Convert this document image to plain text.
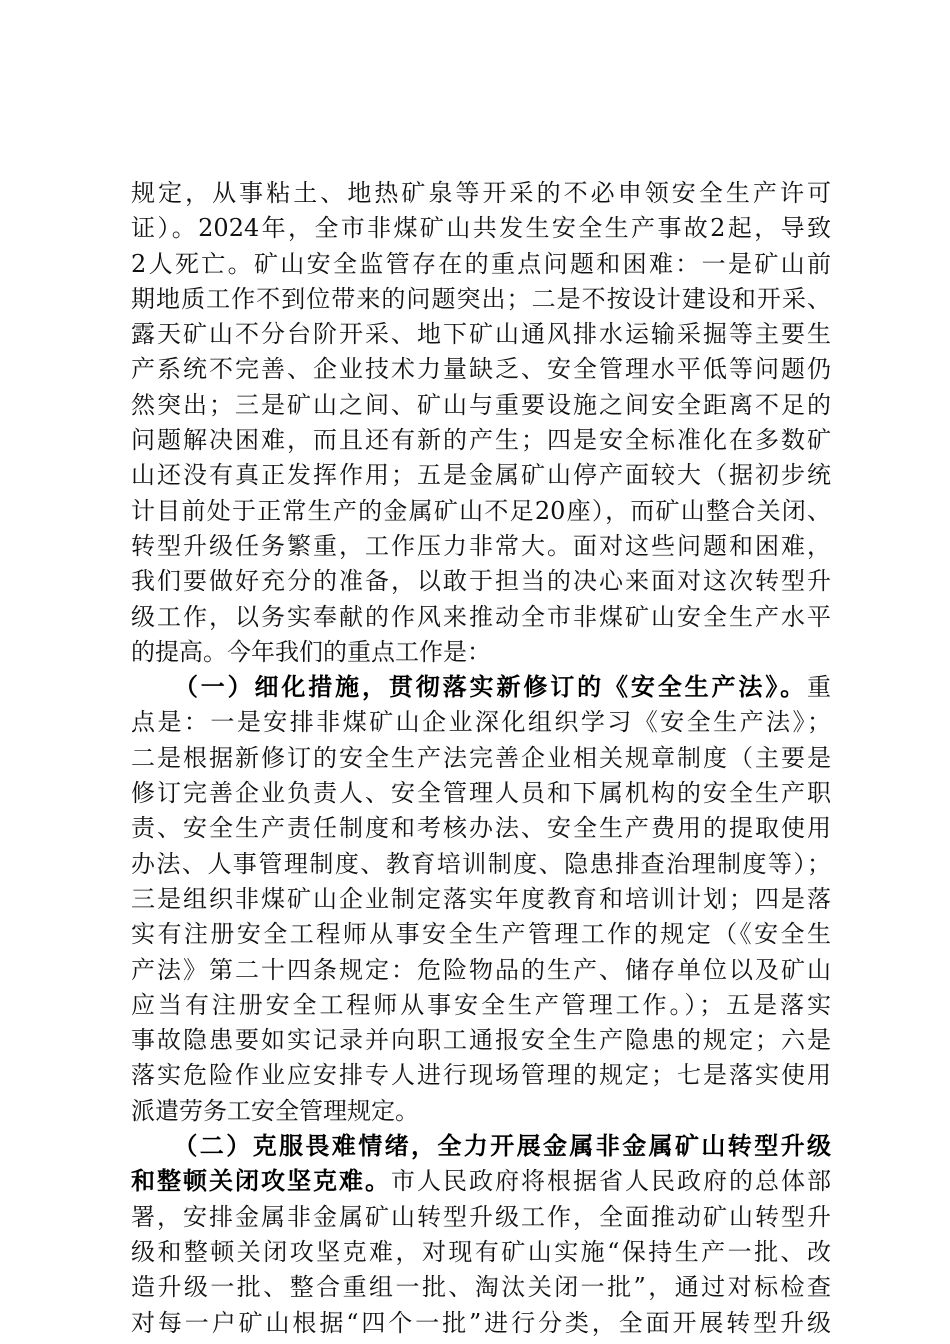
规定，从事粘土、地热矿泉等开采的不必申领安全生产许可
证）。2024年，全市非煤矿山共发生安全生产事故2起，导致
2人死亡。矿山安全监管存在的重点问题和困难：一是矿山前
期地质工作不到位带来的问题突出；二是不按设计建设和开采、
露天矿山不分台阶开采、地下矿山通风排水运输采掘等主要生
产系统不完善、企业技术力量缺乏、安全管理水平低等问题仍
然突出；三是矿山之间、矿山与重要设施之间安全距离不足的
问题解决困难，而且还有新的产生；四是安全标准化在多数矿
山还没有真正发挥作用；五是金属矿山停产面较大（据初步统
计目前处于正常生产的金属矿山不足20座），而矿山整合关闭、
转型升级任务繁重，工作压力非常大。面对这些问题和困难，
我们要做好充分的准备，以敢于担当的决心来面对这次转型升
级工作，以务实奉献的作风来推动全市非煤矿山安全生产水平
的提高。今年我们的重点工作是：
（一）细化措施，贯彻落实新修订的《安全生产法》。重
点是：一是安排非煤矿山企业深化组织学习《安全生产法》；
二是根据新修订的安全生产法完善企业相关规章制度（主要是
修订完善企业负责人、安全管理人员和下属机构的安全生产职
责、安全生产责任制度和考核办法、安全生产费用的提取使用
办法、人事管理制度、教育培训制度、隐患排查治理制度等）；
三是组织非煤矿山企业制定落实年度教育和培训计划；四是落
实有注册安全工程师从事安全生产管理工作的规定（《安全生
产法》第二十四条规定：危险物品的生产、储存单位以及矿山
应当有注册安全工程师从事安全生产管理工作。）；五是落实
事故隐患要如实记录并向职工通报安全生产隐患的规定；六是
落实危险作业应安排专人进行现场管理的规定；七是落实使用
派遣劳务工安全管理规定。
（二）克服畏难情绪，全力开展金属非金属矿山转型升级
和整顿关闭攻坚克难。市人民政府将根据省人民政府的总体部
署，安排金属非金属矿山转型升级工作，全面推动矿山转型升
级和整顿关闭攻坚克难，对现有矿山实施“保持生产一批、改
造升级一批、整合重组一批、淘汰关闭一批”，通过对标检查
对每一户矿山根据“四个一批”进行分类，全面开展转型升级
